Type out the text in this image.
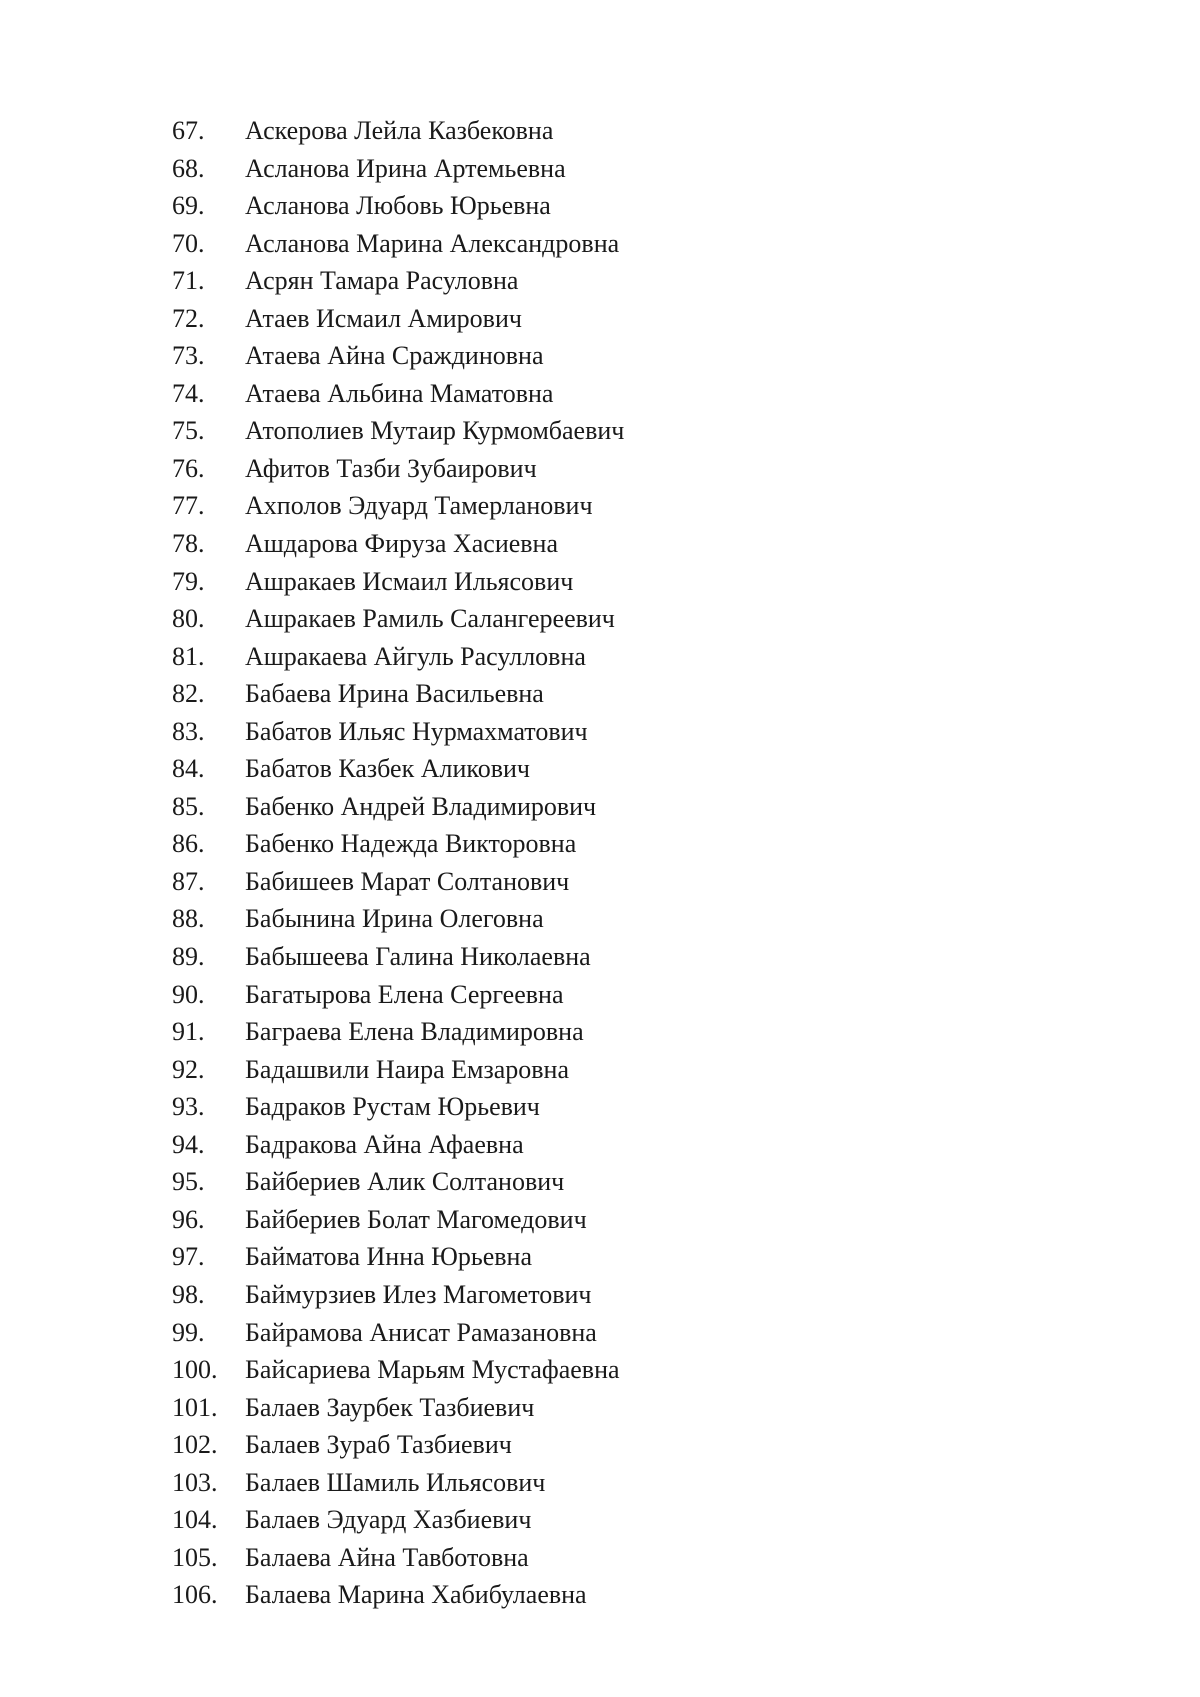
67. Аскерова Лейла Казбековна
68. Асланова Ирина Артемьевна
69. Асланова Любовь Юрьевна
70. Асланова Марина Александровна
71. Асрян Тамара Расуловна
72. Атаев Исмаил Амирович
73. Атаева Айна Сраждиновна
74. Атаева Альбина Маматовна
75. Атополиев Мутаир Курмомбаевич
76. Афитов Тазби Зубаирович
77. Ахполов Эдуард Тамерланович
78. Ашдарова Фируза Хасиевна
79. Ашракаев Исмаил Ильясович
80. Ашракаев Рамиль Салангереевич
81. Ашракаева Айгуль Расулловна
82. Бабаева Ирина Васильевна
83. Бабатов Ильяс Нурмахматович
84. Бабатов Казбек Аликович
85. Бабенко Андрей Владимирович
86. Бабенко Надежда Викторовна
87. Бабишеев Марат Солтанович
88. Бабынина Ирина Олеговна
89. Бабышеева Галина Николаевна
90. Багатырова Елена Сергеевна
91. Баграева Елена Владимировна
92. Бадашвили Наира Емзаровна
93. Бадраков Рустам Юрьевич
94. Бадракова Айна Афаевна
95. Байбериев Алик Солтанович
96. Байбериев Болат Магомедович
97. Байматова Инна Юрьевна
98. Баймурзиев Илез Магометович
99. Байрамова Анисат Рамазановна
100. Байсариева Марьям Мустафаевна
101. Балаев Заурбек Тазбиевич
102. Балаев Зураб Тазбиевич
103. Балаев Шамиль Ильясович
104. Балаев Эдуард Хазбиевич
105. Балаева Айна Тавботовна
106. Балаева Марина Хабибулаевна
